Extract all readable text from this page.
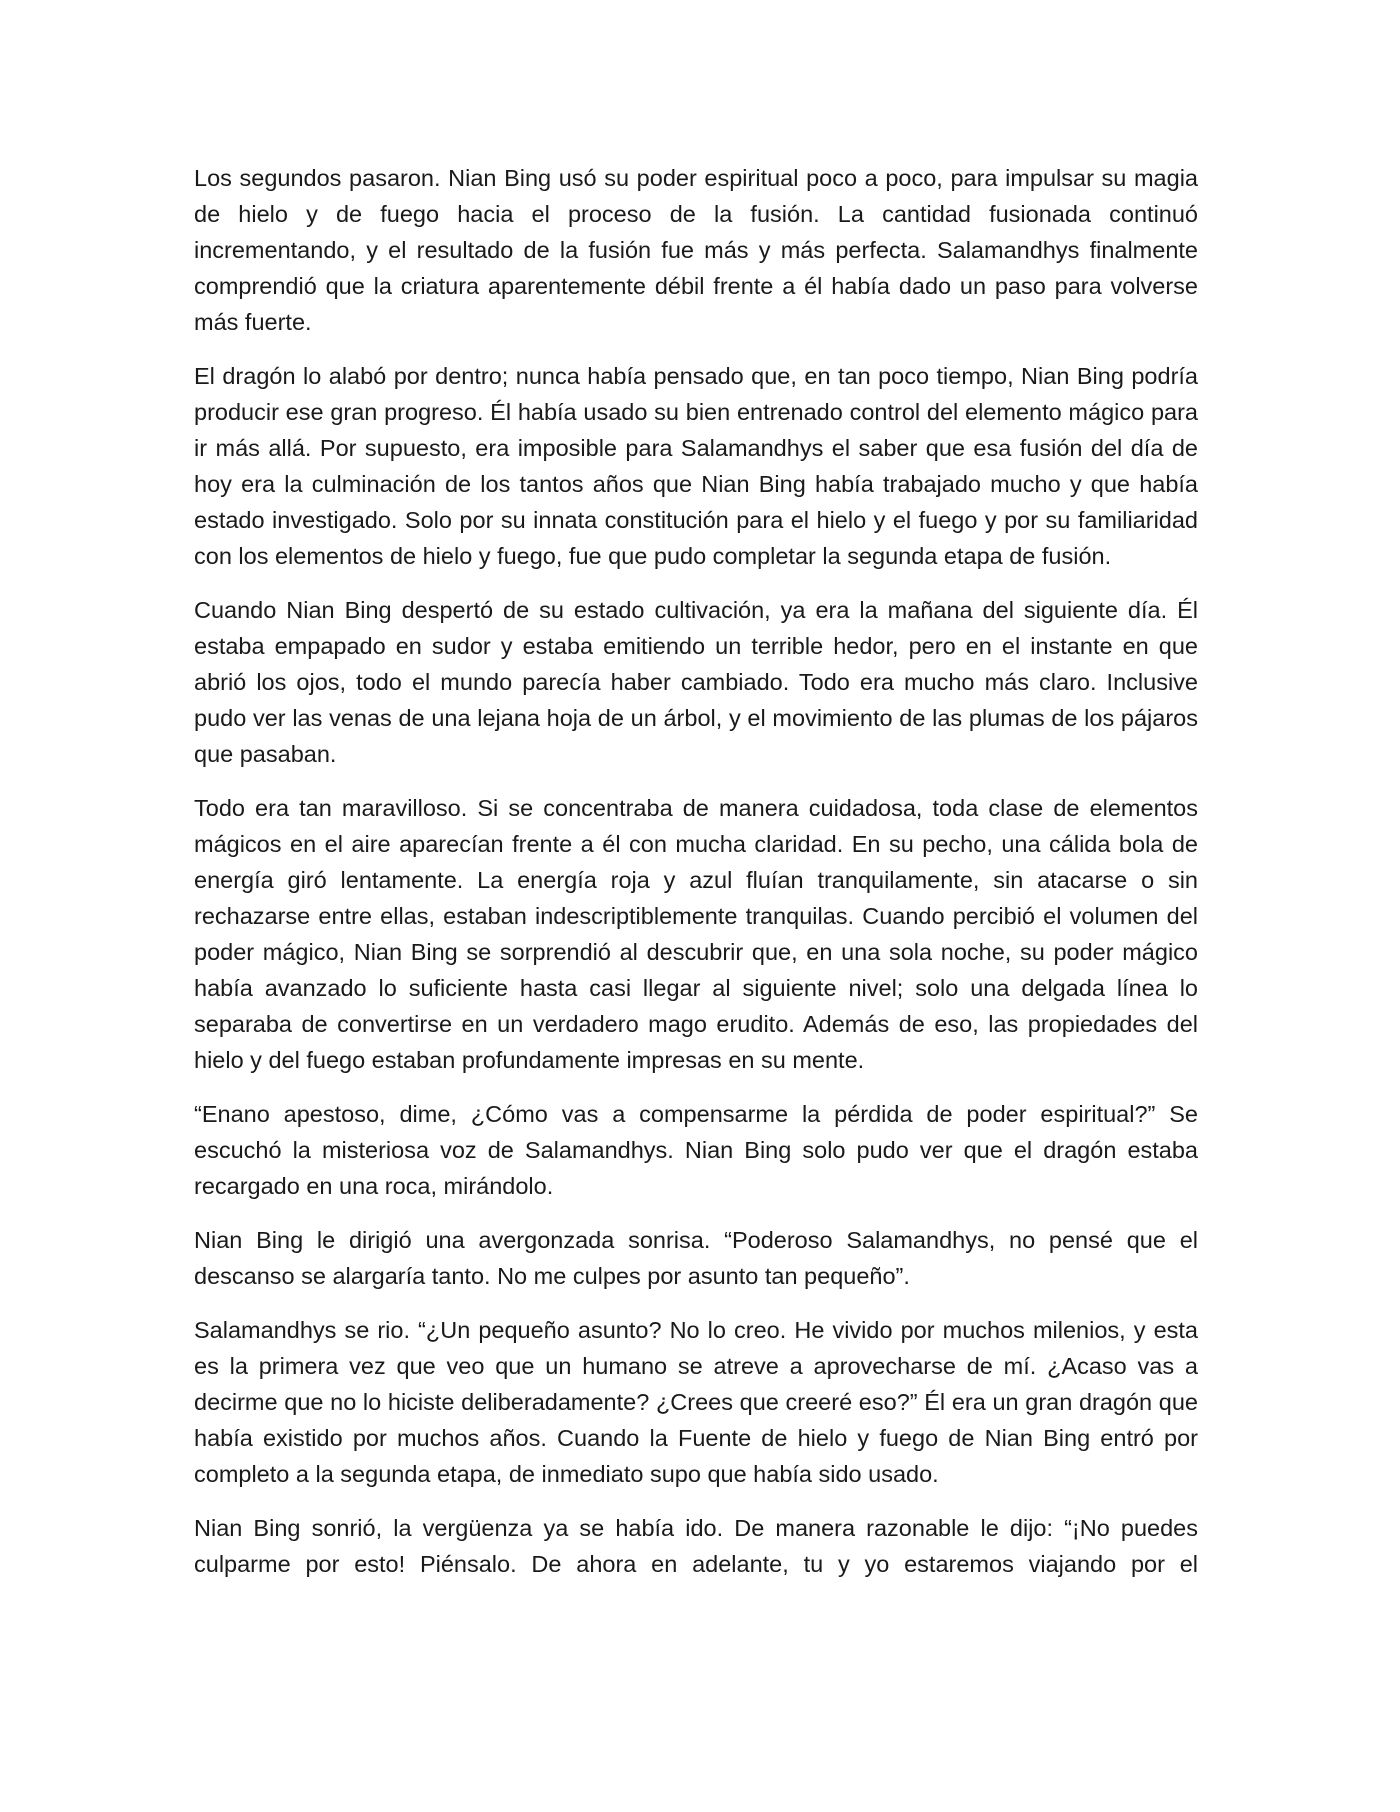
Los segundos pasaron. Nian Bing usó su poder espiritual poco a poco, para impulsar su magia de hielo y de fuego hacia el proceso de la fusión. La cantidad fusionada continuó incrementando, y el resultado de la fusión fue más y más perfecta. Salamandhys finalmente comprendió que la criatura aparentemente débil frente a él había dado un paso para volverse más fuerte.

El dragón lo alabó por dentro; nunca había pensado que, en tan poco tiempo, Nian Bing podría producir ese gran progreso. Él había usado su bien entrenado control del elemento mágico para ir más allá. Por supuesto, era imposible para Salamandhys el saber que esa fusión del día de hoy era la culminación de los tantos años que Nian Bing había trabajado mucho y que había estado investigado. Solo por su innata constitución para el hielo y el fuego y por su familiaridad con los elementos de hielo y fuego, fue que pudo completar la segunda etapa de fusión.

Cuando Nian Bing despertó de su estado cultivación, ya era la mañana del siguiente día. Él estaba empapado en sudor y estaba emitiendo un terrible hedor, pero en el instante en que abrió los ojos, todo el mundo parecía haber cambiado. Todo era mucho más claro. Inclusive pudo ver las venas de una lejana hoja de un árbol, y el movimiento de las plumas de los pájaros que pasaban.

Todo era tan maravilloso. Si se concentraba de manera cuidadosa, toda clase de elementos mágicos en el aire aparecían frente a él con mucha claridad. En su pecho, una cálida bola de energía giró lentamente. La energía roja y azul fluían tranquilamente, sin atacarse o sin rechazarse entre ellas, estaban indescriptiblemente tranquilas. Cuando percibió el volumen del poder mágico, Nian Bing se sorprendió al descubrir que, en una sola noche, su poder mágico había avanzado lo suficiente hasta casi llegar al siguiente nivel; solo una delgada línea lo separaba de convertirse en un verdadero mago erudito. Además de eso, las propiedades del hielo y del fuego estaban profundamente impresas en su mente.

“Enano apestoso, dime, ¿Cómo vas a compensarme la pérdida de poder espiritual?” Se escuchó la misteriosa voz de Salamandhys. Nian Bing solo pudo ver que el dragón estaba recargado en una roca, mirándolo.

Nian Bing le dirigió una avergonzada sonrisa. “Poderoso Salamandhys, no pensé que el descanso se alargaría tanto. No me culpes por asunto tan pequeño”.

Salamandhys se rio. “¿Un pequeño asunto? No lo creo. He vivido por muchos milenios, y esta es la primera vez que veo que un humano se atreve a aprovecharse de mí. ¿Acaso vas a decirme que no lo hiciste deliberadamente? ¿Crees que creeré eso?” Él era un gran dragón que había existido por muchos años. Cuando la Fuente de hielo y fuego de Nian Bing entró por completo a la segunda etapa, de inmediato supo que había sido usado.

Nian Bing sonrió, la vergüenza ya se había ido. De manera razonable le dijo: “¡No puedes culparme por esto! Piénsalo. De ahora en adelante, tu y yo estaremos viajando por el
